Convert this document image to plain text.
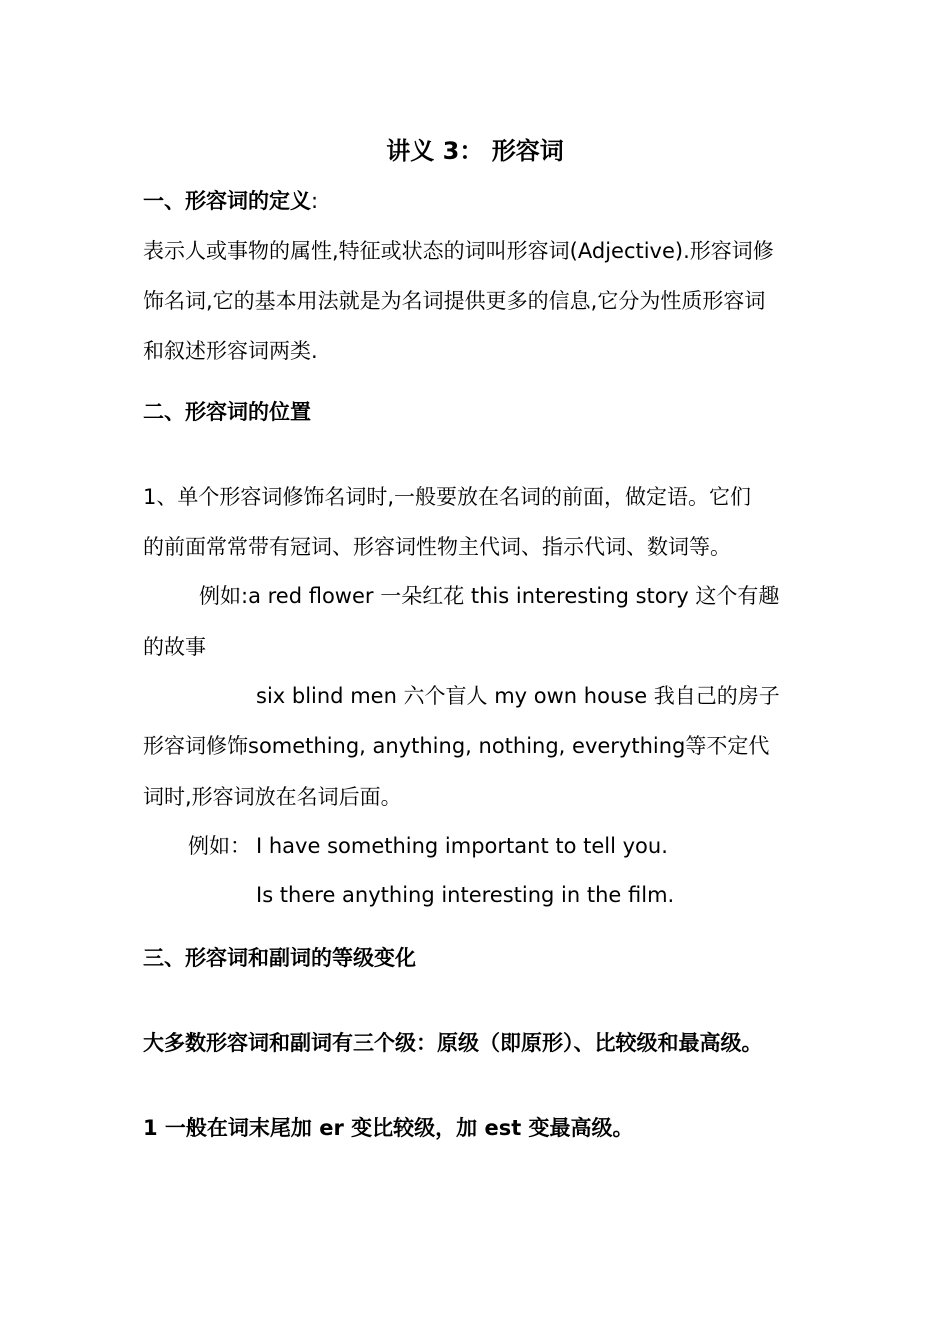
讲义 3： 形容词
一、形容词的定义:
表示人或事物的属性,特征或状态的词叫形容词(Adjective).形容词修
饰名词,它的基本用法就是为名词提供更多的信息,它分为性质形容词
和叙述形容词两类.
二、形容词的位置
1、单个形容词修饰名词时,一般要放在名词的前面，做定语。它们
的前面常常带有冠词、形容词性物主代词、指示代词、数词等。
例如:a red flower 一朵红花 this interesting story 这个有趣
的故事
six blind men 六个盲人 my own house 我自己的房子
形容词修饰something, anything, nothing, everything等不定代
词时,形容词放在名词后面。
例如： I have something important to tell you.
Is there anything interesting in the film.
三、形容词和副词的等级变化
大多数形容词和副词有三个级：原级（即原形）、比较级和最高级。
1 一般在词末尾加 er 变比较级，加 est 变最高级。
